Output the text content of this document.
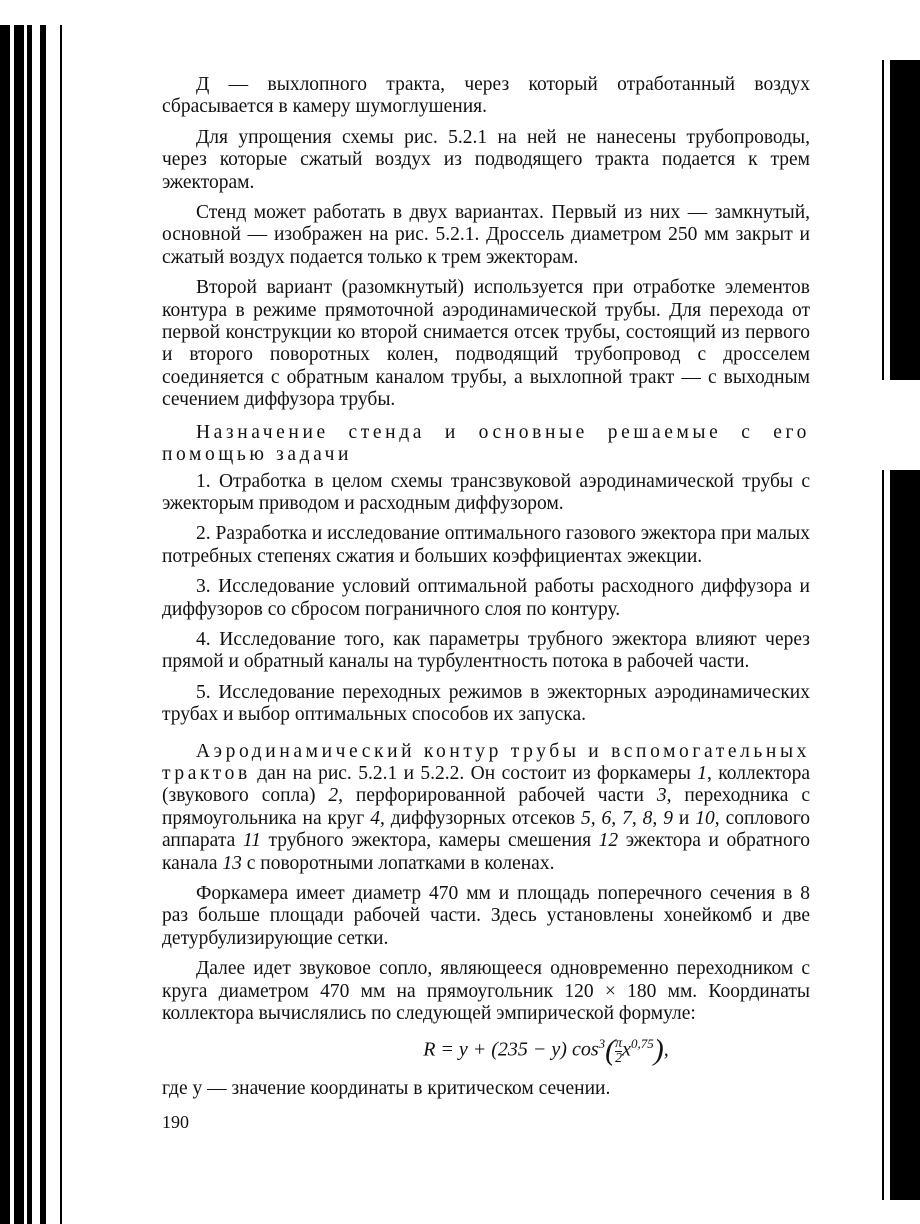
Д — выхлопного тракта, через который отработанный воздух сбрасывается в камеру шумоглушения.

Для упрощения схемы рис. 5.2.1 на ней не нанесены трубопроводы, через которые сжатый воздух из подводящего тракта подается к трем эжекторам.

Стенд может работать в двух вариантах. Первый из них — замкнутый, основной — изображен на рис. 5.2.1. Дроссель диаметром 250 мм закрыт и сжатый воздух подается только к трем эжекторам.

Второй вариант (разомкнутый) используется при отработке элементов контура в режиме прямоточной аэродинамической трубы. Для перехода от первой конструкции ко второй снимается отсек трубы, состоящий из первого и второго поворотных колен, подводящий трубопровод с дросселем соединяется с обратным каналом трубы, а выхлопной тракт — с выходным сечением диффузора трубы.

Назначение стенда и основные решаемые с его помощью задачи

1. Отработка в целом схемы трансзвуковой аэродинамической трубы с эжекторым приводом и расходным диффузором.

2. Разработка и исследование оптимального газового эжектора при малых потребных степенях сжатия и больших коэффициентах эжекции.

3. Исследование условий оптимальной работы расходного диффузора и диффузоров со сбросом пограничного слоя по контуру.

4. Исследование того, как параметры трубного эжектора влияют через прямой и обратный каналы на турбулентность потока в рабочей части.

5. Исследование переходных режимов в эжекторных аэродинамических трубах и выбор оптимальных способов их запуска.

Аэродинамический контур трубы и вспомогательных трактов дан на рис. 5.2.1 и 5.2.2. Он состоит из форкамеры 1, коллектора (звукового сопла) 2, перфорированной рабочей части 3, переходника с прямоугольника на круг 4, диффузорных отсеков 5, 6, 7, 8, 9 и 10, соплового аппарата 11 трубного эжектора, камеры смешения 12 эжектора и обратного канала 13 с поворотными лопатками в коленах.

Форкамера имеет диаметр 470 мм и площадь поперечного сечения в 8 раз больше площади рабочей части. Здесь установлены хонейкомб и две детурбулизирующие сетки.

Далее идет звуковое сопло, являющееся одновременно переходником с круга диаметром 470 мм на прямоугольник 120 × 180 мм. Координаты коллектора вычислялись по следующей эмпирической формуле:

R = y + (235 − y) $\cos^3( \frac{\pi}{2} x^{0,75})$,

где y — значение координаты в критическом сечении.

190
